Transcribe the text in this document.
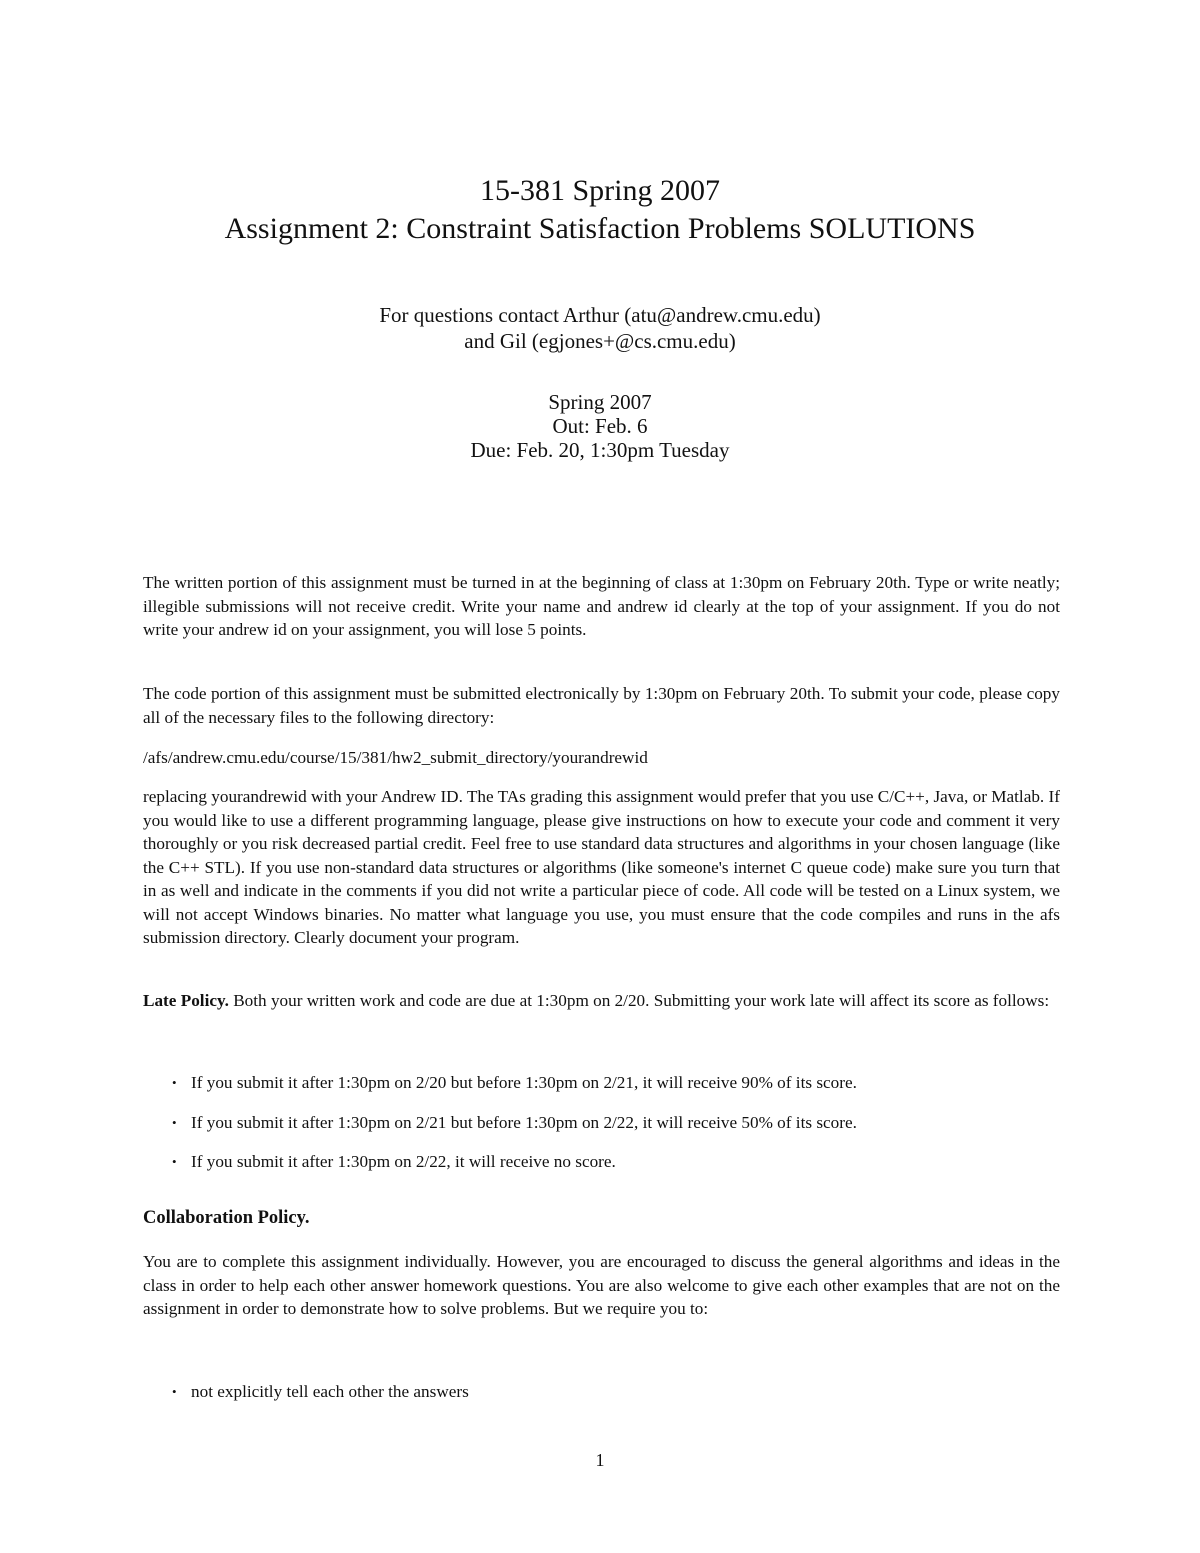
15-381 Spring 2007
Assignment 2: Constraint Satisfaction Problems SOLUTIONS
For questions contact Arthur (atu@andrew.cmu.edu)
and Gil (egjones+@cs.cmu.edu)
Spring 2007
Out: Feb. 6
Due: Feb. 20, 1:30pm Tuesday
The written portion of this assignment must be turned in at the beginning of class at 1:30pm on February 20th. Type or write neatly; illegible submissions will not receive credit. Write your name and andrew id clearly at the top of your assignment. If you do not write your andrew id on your assignment, you will lose 5 points.
The code portion of this assignment must be submitted electronically by 1:30pm on February 20th. To submit your code, please copy all of the necessary files to the following directory:
/afs/andrew.cmu.edu/course/15/381/hw2_submit_directory/yourandrewid
replacing yourandrewid with your Andrew ID. The TAs grading this assignment would prefer that you use C/C++, Java, or Matlab. If you would like to use a different programming language, please give instructions on how to execute your code and comment it very thoroughly or you risk decreased partial credit. Feel free to use standard data structures and algorithms in your chosen language (like the C++ STL). If you use non-standard data structures or algorithms (like someone's internet C queue code) make sure you turn that in as well and indicate in the comments if you did not write a particular piece of code. All code will be tested on a Linux system, we will not accept Windows binaries. No matter what language you use, you must ensure that the code compiles and runs in the afs submission directory. Clearly document your program.
Late Policy. Both your written work and code are due at 1:30pm on 2/20. Submitting your work late will affect its score as follows:
• If you submit it after 1:30pm on 2/20 but before 1:30pm on 2/21, it will receive 90% of its score.
• If you submit it after 1:30pm on 2/21 but before 1:30pm on 2/22, it will receive 50% of its score.
• If you submit it after 1:30pm on 2/22, it will receive no score.
Collaboration Policy.
You are to complete this assignment individually. However, you are encouraged to discuss the general algorithms and ideas in the class in order to help each other answer homework questions. You are also welcome to give each other examples that are not on the assignment in order to demonstrate how to solve problems. But we require you to:
• not explicitly tell each other the answers
1
